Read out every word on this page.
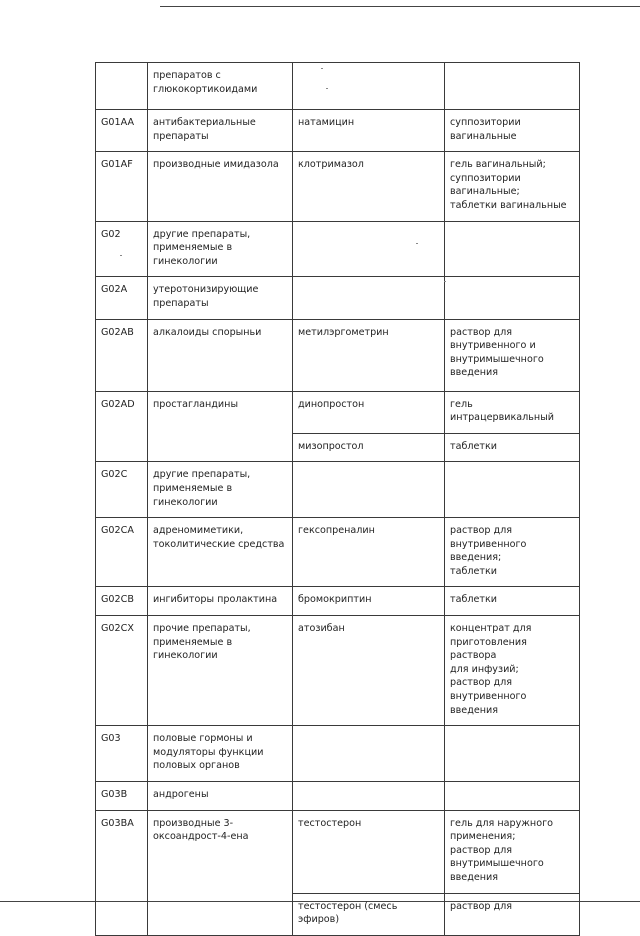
	препаратов с
глюкокортикоидами		
G01AA	антибактериальные
препараты	натамицин	суппозитории
вагинальные
G01AF	производные имидазола	клотримазол	гель вагинальный;
суппозитории
вагинальные;
таблетки вагинальные
G02	другие препараты,
применяемые в
гинекологии		
G02A	утеротонизирующие
препараты		
G02AB	алкалоиды спорыньи	метилэргометрин	раствор для
внутривенного и
внутримышечного
введения
G02AD	простагландины	динопростон	гель интрацервикальный
		мизопростол	таблетки
G02C	другие препараты,
применяемые в
гинекологии		
G02CA	адреномиметики,
токолитические средства	гексопреналин	раствор для
внутривенного введения;
таблетки
G02CB	ингибиторы пролактина	бромокриптин	таблетки
G02CX	прочие препараты,
применяемые в
гинекологии	атозибан	концентрат для
приготовления раствора
для инфузий;
раствор для
внутривенного введения
G03	половые гормоны и
модуляторы функции
половых органов		
G03B	андрогены		
G03BA	производные 3-
оксоандрост-4-ена	тестостерон	гель для наружного
применения;
раствор для
внутримышечного
введения
		тестостерон (смесь эфиров)	раствор для
